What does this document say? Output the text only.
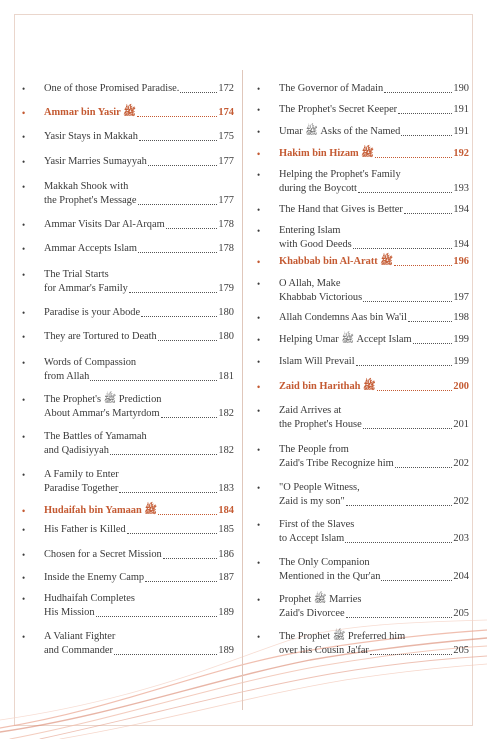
•	One of those Promised Paradise.	172
•	Ammar bin Yasir ﷺ	174
•	Yasir Stays in Makkah	175
•	Yasir Marries Sumayyah	177
•	Makkah Shook with
the Prophet's Message	177
•	Ammar Visits Dar Al-Arqam	178
•	Ammar Accepts Islam	178
•	The Trial Starts
for Ammar's Family	179
•	Paradise is your Abode	180
•	They are Tortured to Death	180
•	Words of Compassion
from Allah	181
•	The Prophet's ﷺ Prediction
About Ammar's Martyrdom	182
•	The Battles of Yamamah
and Qadisiyyah	182
•	A Family to Enter
Paradise Together	183
•	Hudaifah bin Yamaan ﷺ	184
•	His Father is Killed	185
•	Chosen for a Secret Mission	186
•	Inside the Enemy Camp	187
•	Hudhaifah Completes
His Mission	189
•	A Valiant Fighter
and Commander	189
•	The Governor of Madain	190
•	The Prophet's Secret Keeper	191
•	Umar ﷺ Asks of the Named	191
•	Hakim bin Hizam ﷺ	192
•	Helping the Prophet's Family
during the Boycott	193
•	The Hand that Gives is Better	194
•	Entering Islam
with Good Deeds	194
•	Khabbab bin Al-Aratt ﷺ	196
•	O Allah, Make
Khabbab Victorious	197
•	Allah Condemns Aas bin Wa'il	198
•	Helping Umar ﷺ Accept Islam	199
•	Islam Will Prevail	199
•	Zaid bin Harithah ﷺ	200
•	Zaid Arrives at
the Prophet's House	201
•	The People from
Zaid's Tribe Recognize him	202
•	"O People Witness,
Zaid is my son"	202
•	First of the Slaves
to Accept Islam	203
•	The Only Companion
Mentioned in the Qur'an	204
•	Prophet ﷺ Marries
Zaid's Divorcee	205
•	The Prophet ﷺ Preferred him
over his Cousin Ja'far	205
